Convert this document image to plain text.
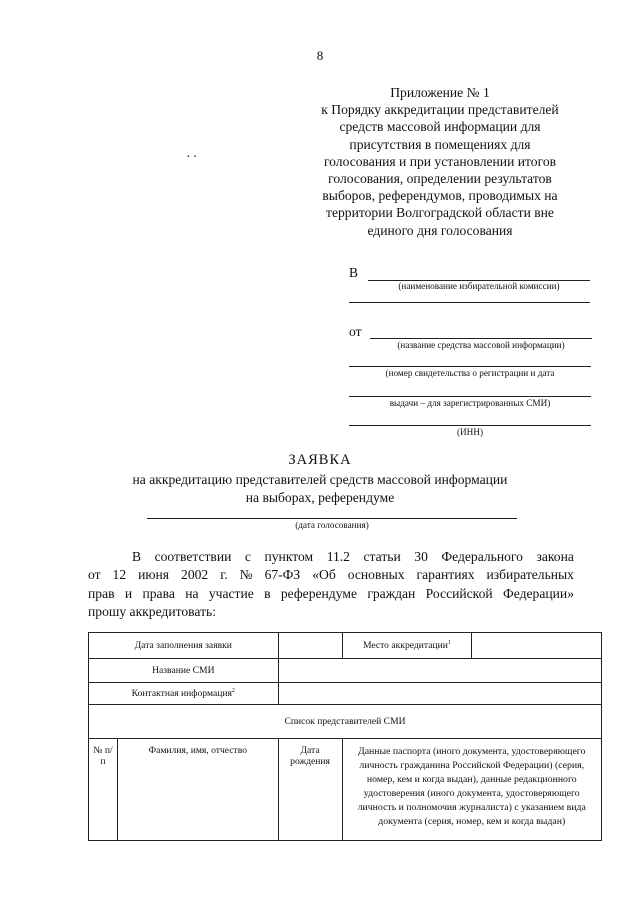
8
Приложение № 1
к Порядку аккредитации представителей
средств массовой информации для
присутствия в помещениях для
голосования и при установлении итогов
голосования, определении результатов
выборов, референдумов, проводимых на
территории Волгоградской области вне
единого дня голосования
··
В
(наименование избирательной комиссии)
от
(название средства массовой информации)
(номер свидетельства о регистрации и дата
выдачи – для зарегистрированных СМИ)
(ИНН)
ЗАЯВКА
на аккредитацию представителей средств массовой информации
на выборах, референдуме
(дата голосования)
В соответствии с пунктом 11.2 статьи 30 Федерального закона
от 12 июня 2002 г. № 67-ФЗ «Об основных гарантиях избирательных
прав и права на участие в референдуме граждан Российской Федерации»
прошу аккредитовать:
Дата заполнения заявки			Место аккредитации$^1$	
Название СМИ				
Контактная информация$^2$	
Список представителей СМИ				
№ п/п	Фамилия, имя, отчество	Дата рождения	Данные паспорта (иного документа, удостоверяющего личность гражданина Российской Федерации) (серия, номер, кем и когда выдан), данные редакционного удостоверения (иного документа, удостоверяющего личность и полномочия журналиста) с указанием вида документа (серия, номер, кем и когда выдан)	
